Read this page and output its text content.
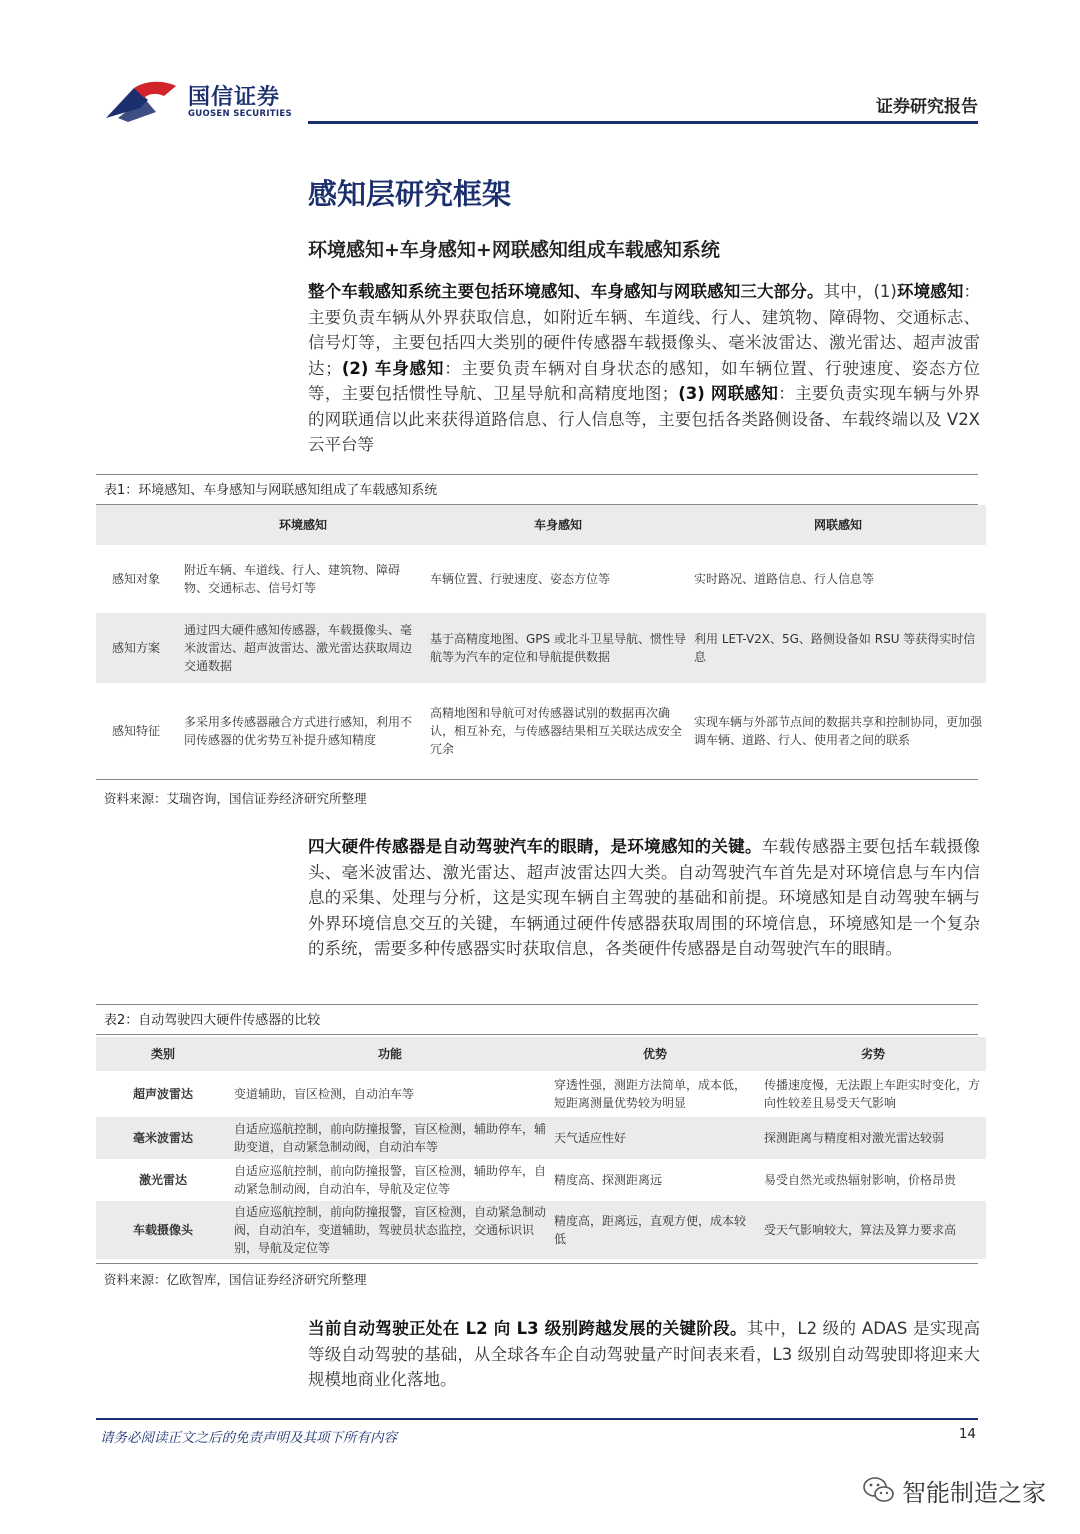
国信证券
GUOSEN SECURITIES	证券研究报告
感知层研究框架
环境感知+车身感知+网联感知组成车载感知系统
整个车载感知系统主要包括环境感知、车身感知与网联感知三大部分。其中，(1)环境感知：主要负责车辆从外界获取信息，如附近车辆、车道线、行人、建筑物、障碍物、交通标志、信号灯等，主要包括四大类别的硬件传感器车载摄像头、毫米波雷达、激光雷达、超声波雷达；(2) 车身感知：主要负责车辆对自身状态的感知，如车辆位置、行驶速度、姿态方位等，主要包括惯性导航、卫星导航和高精度地图；(3) 网联感知：主要负责实现车辆与外界的网联通信以此来获得道路信息、行人信息等，主要包括各类路侧设备、车载终端以及 V2X 云平台等
表1：环境感知、车身感知与网联感知组成了车载感知系统
	环境感知	车身感知	网联感知
感知对象	附近车辆、车道线、行人、建筑物、障碍物、交通标志、信号灯等	车辆位置、行驶速度、姿态方位等	实时路况、道路信息、行人信息等
感知方案	通过四大硬件感知传感器，车载摄像头、毫米波雷达、超声波雷达、激光雷达获取周边交通数据	基于高精度地图、GPS 或北斗卫星导航、惯性导航等为汽车的定位和导航提供数据	利用 LET-V2X、5G、路侧设备如 RSU 等获得实时信息
感知特征	多采用多传感器融合方式进行感知，利用不同传感器的优劣势互补提升感知精度	高精地图和导航可对传感器试别的数据再次确认，相互补充，与传感器结果相互关联达成安全冗余	实现车辆与外部节点间的数据共享和控制协同，更加强调车辆、道路、行人、使用者之间的联系
资料来源：艾瑞咨询，国信证券经济研究所整理
四大硬件传感器是自动驾驶汽车的眼睛，是环境感知的关键。车载传感器主要包括车载摄像头、毫米波雷达、激光雷达、超声波雷达四大类。自动驾驶汽车首先是对环境信息与车内信息的采集、处理与分析，这是实现车辆自主驾驶的基础和前提。环境感知是自动驾驶车辆与外界环境信息交互的关键，车辆通过硬件传感器获取周围的环境信息，环境感知是一个复杂的系统，需要多种传感器实时获取信息，各类硬件传感器是自动驾驶汽车的眼睛。
表2：自动驾驶四大硬件传感器的比较
类别	功能	优势	劣势
超声波雷达	变道辅助，盲区检测，自动泊车等	穿透性强，测距方法简单，成本低，短距离测量优势较为明显	传播速度慢，无法跟上车距实时变化，方向性较差且易受天气影响
毫米波雷达	自适应巡航控制，前向防撞报警，盲区检测，辅助停车，辅助变道，自动紧急制动阀，自动泊车等	天气适应性好	探测距离与精度相对激光雷达较弱
激光雷达	自适应巡航控制，前向防撞报警，盲区检测，辅助停车，自动紧急制动阀，自动泊车，导航及定位等	精度高、探测距离远	易受自然光或热辐射影响，价格昂贵
车载摄像头	自适应巡航控制，前向防撞报警，盲区检测，自动紧急制动阀，自动泊车，变道辅助，驾驶员状态监控，交通标识识别，导航及定位等	精度高，距离远，直观方便，成本较低	受天气影响较大，算法及算力要求高
资料来源：亿欧智库，国信证券经济研究所整理
当前自动驾驶正处在 L2 向 L3 级别跨越发展的关键阶段。其中，L2 级的 ADAS 是实现高等级自动驾驶的基础，从全球各车企自动驾驶量产时间表来看，L3 级别自动驾驶即将迎来大规模地商业化落地。
请务必阅读正文之后的免责声明及其项下所有内容	14
智能制造之家
